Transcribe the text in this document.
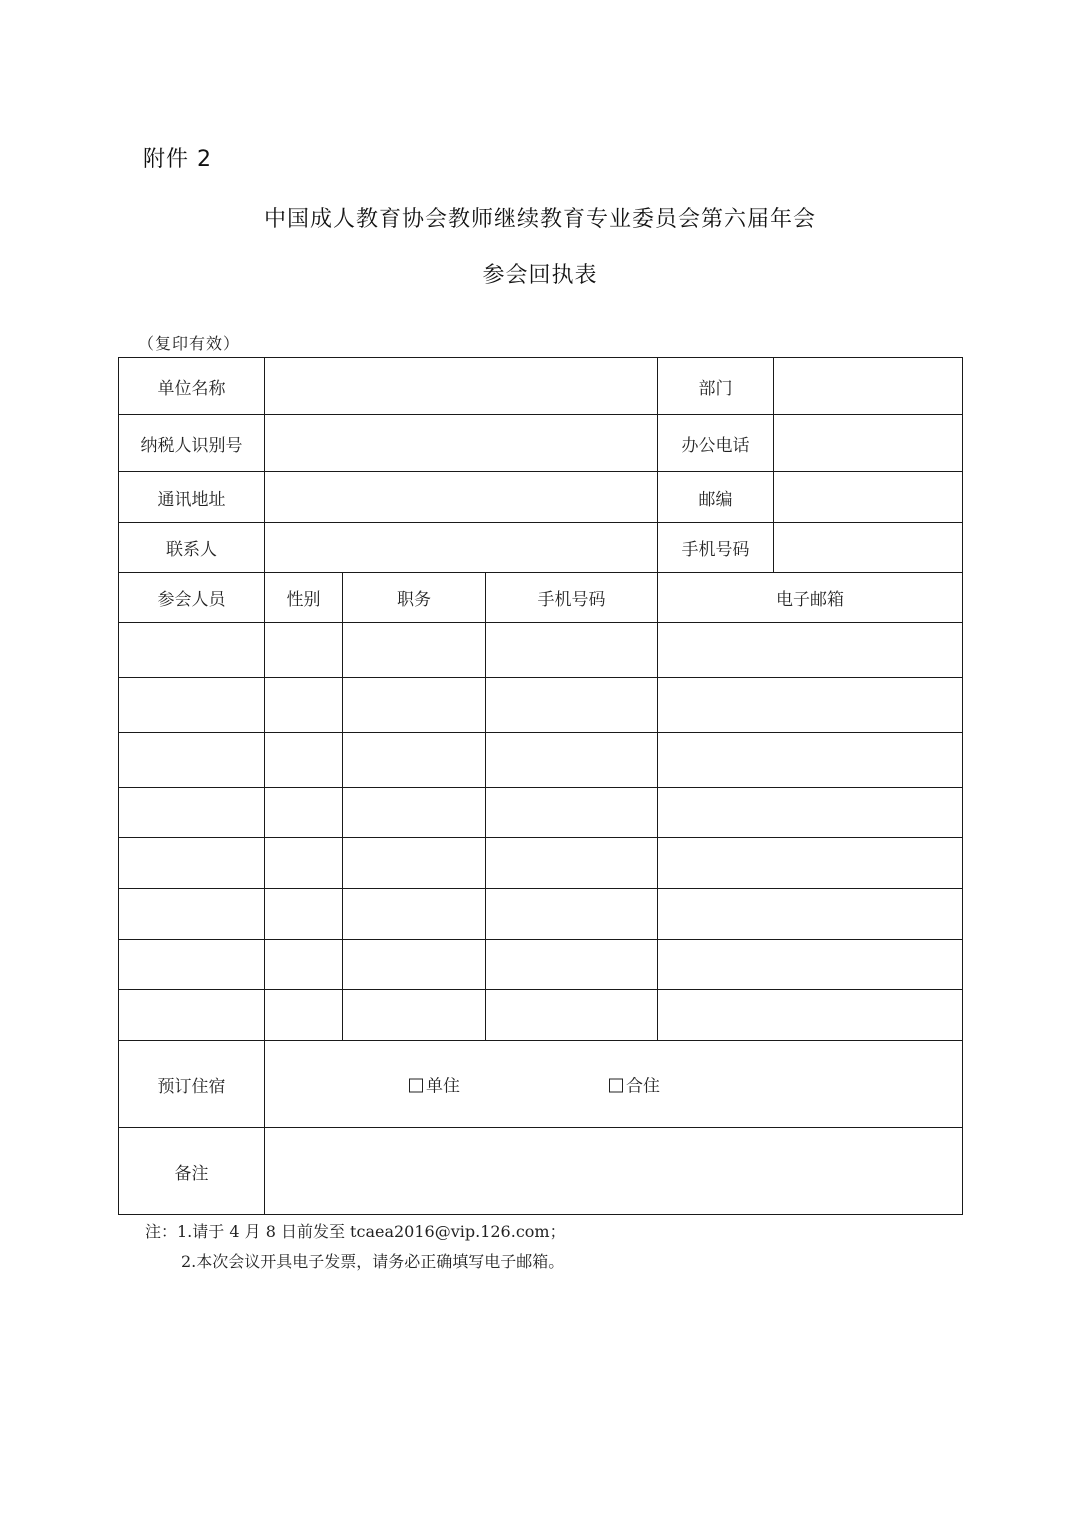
附件 2
中国成人教育协会教师继续教育专业委员会第六届年会
参会回执表
（复印有效）
单位名称				部门	
纳税人识别号				办公电话	
通讯地址				邮编	
联系人				手机号码	
参会人员	性别	职务	手机号码	电子邮箱	

预订住宿	单住 合住				

备注					
注：1.请于 4 月 8 日前发至 tcaea2016@vip.126.com；
2.本次会议开具电子发票，请务必正确填写电子邮箱。
